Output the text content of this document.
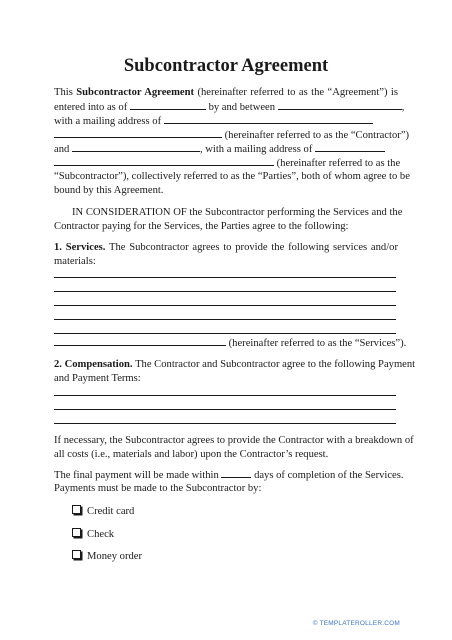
Subcontractor Agreement

This Subcontractor Agreement (hereinafter referred to as the “Agreement”) is

entered into as of	by and between	,

with a mailing address of

(hereinafter referred to as the “Contractor”)

and	, with a mailing address of

(hereinafter referred to as the

“Subcontractor”), collectively referred to as the “Parties”, both of whom agree to be

bound by this Agreement.

IN CONSIDERATION OF the Subcontractor performing the Services and the

Contractor paying for the Services, the Parties agree to the following:

1. Services. The Subcontractor agrees to provide the following services and/or

materials:

(hereinafter referred to as the “Services”).

2. Compensation. The Contractor and Subcontractor agree to the following Payment

and Payment Terms:

If necessary, the Subcontractor agrees to provide the Contractor with a breakdown of

all costs (i.e., materials and labor) upon the Contractor’s request.

The final payment will be made within	days of completion of the Services.

Payments must be made to the Subcontractor by:

Credit card
Check
Money order
© TEMPLATEROLLER.COM
